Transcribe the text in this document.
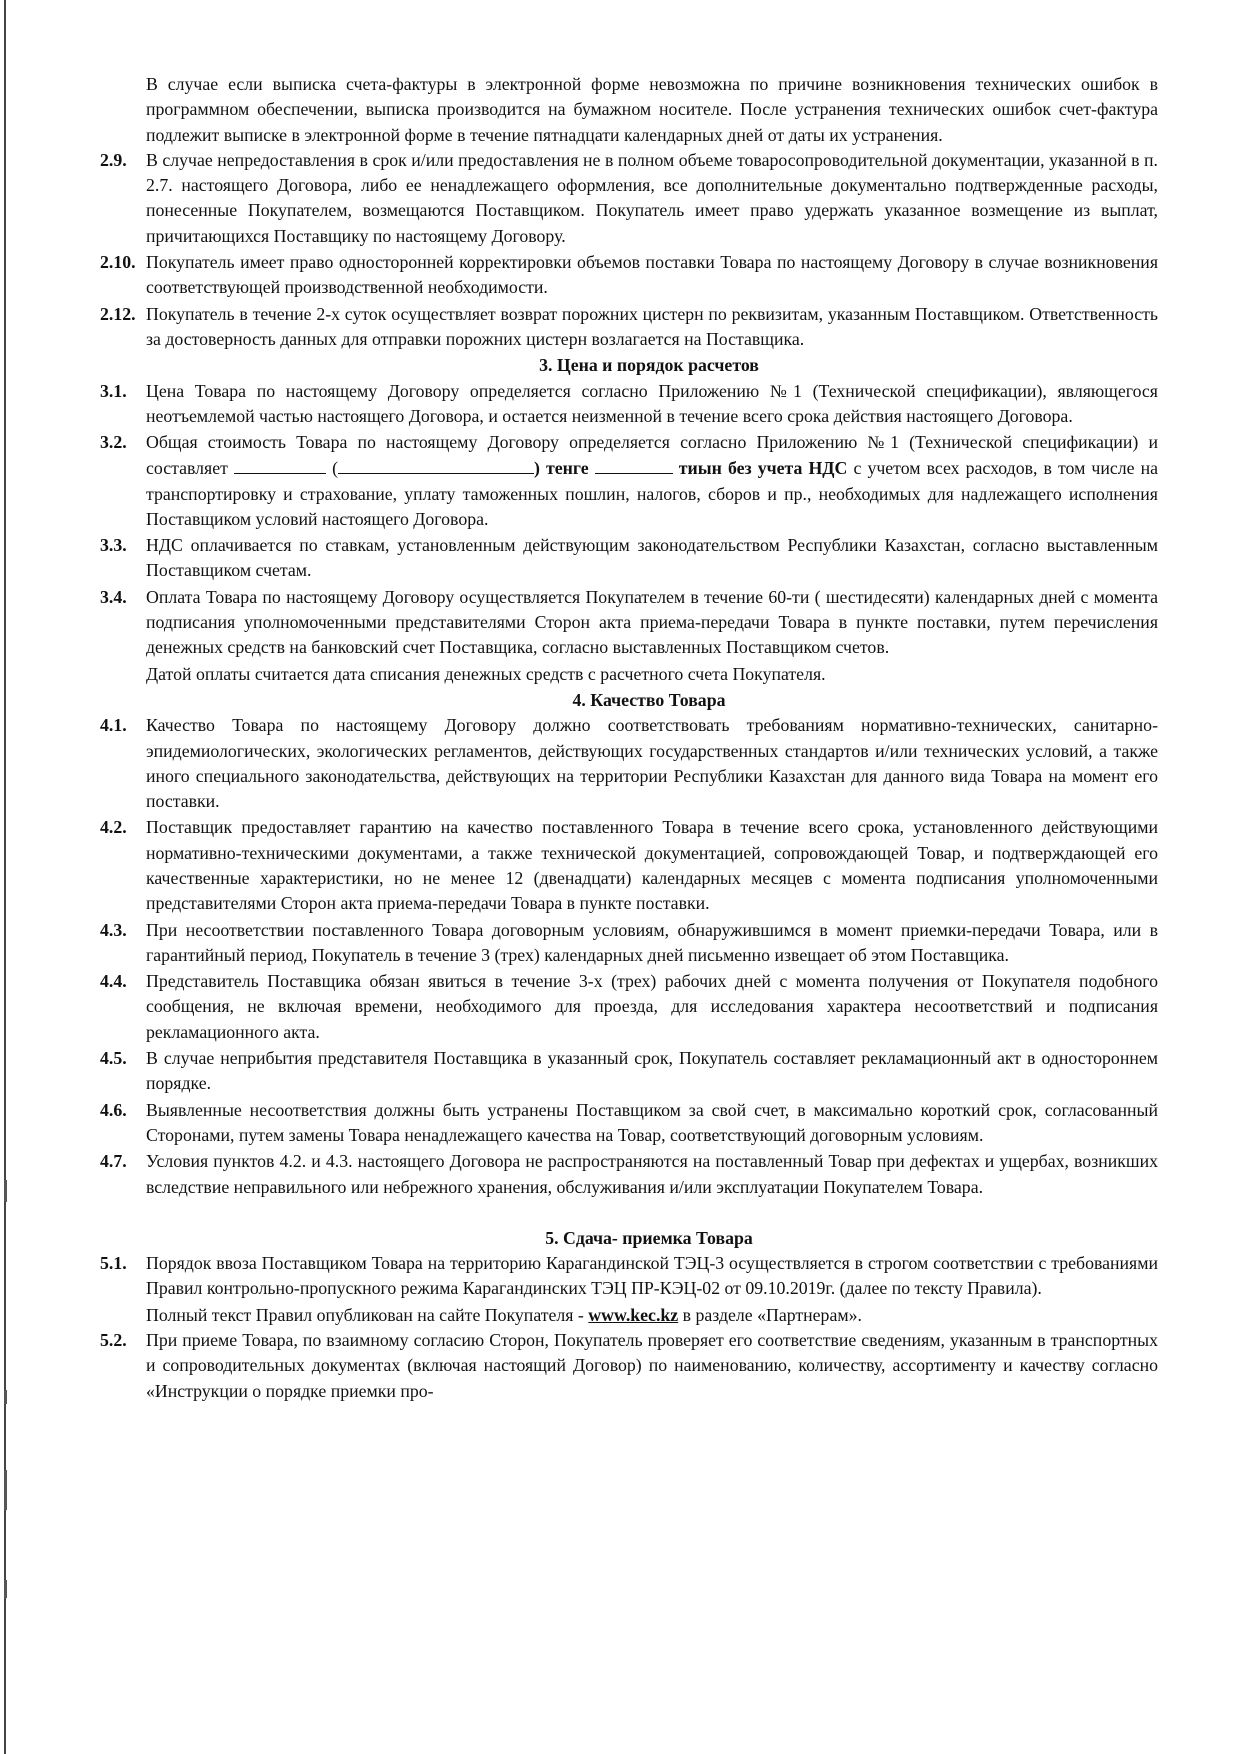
В случае если выписка счета-фактуры в электронной форме невозможна по причине возникновения технических ошибок в программном обеспечении, выписка производится на бумажном носителе. После устранения технических ошибок счет-фактура подлежит выписке в электронной форме в течение пятнадцати календарных дней от даты их устранения.

2.9.	В случае непредоставления в срок и/или предоставления не в полном объеме товаросопроводительной документации, указанной в п. 2.7. настоящего Договора, либо ее ненадлежащего оформления, все дополнительные документально подтвержденные расходы, понесенные Покупателем, возмещаются Поставщиком. Покупатель имеет право удержать указанное возмещение из выплат, причитающихся Поставщику по настоящему Договору.
2.10. Покупатель имеет право односторонней корректировки объемов поставки Товара по настоящему Договору в случае возникновения соответствующей производственной необходимости.
2.12. Покупатель в течение 2-х суток осуществляет возврат порожних цистерн по реквизитам, указанным Поставщиком. Ответственность за достоверность данных для отправки порожних цистерн возлагается на Поставщика.
3. Цена и порядок расчетов
3.1.	Цена Товара по настоящему Договору определяется согласно Приложению №1 (Технической спецификации), являющегося неотъемлемой частью настоящего Договора, и остается неизменной в течение всего срока действия настоящего Договора.
3.2.	Общая стоимость Товара по настоящему Договору определяется согласно Приложению №1 (Технической спецификации) и составляет	(	) тенге	тиын без учета НДС с учетом всех расходов, в том числе на транспортировку и страхование, уплату таможенных пошлин, налогов, сборов и пр., необходимых для надлежащего исполнения Поставщиком условий настоящего Договора.
3.3.	НДС оплачивается по ставкам, установленным действующим законодательством Республики Казахстан, согласно выставленным Поставщиком счетам.
3.4.	Оплата Товара по настоящему Договору осуществляется Покупателем в течение 60-ти ( шестидесяти) календарных дней с момента подписания уполномоченными представителями Сторон акта приема-передачи Товара в пункте поставки, путем перечисления денежных средств на банковский счет Поставщика, согласно выставленных Поставщиком счетов.

Датой оплаты считается дата списания денежных средств с расчетного счета Покупателя.

4. Качество Товара
4.1.	Качество Товара по настоящему Договору должно соответствовать требованиям нормативно-технических, санитарно-эпидемиологических, экологических регламентов, действующих государственных стандартов и/или технических условий, а также иного специального законодательства, действующих на территории Республики Казахстан для данного вида Товара на момент его поставки.
4.2.	Поставщик предоставляет гарантию на качество поставленного Товара в течение всего срока, установленного действующими нормативно-техническими документами, а также технической документацией, сопровождающей Товар, и подтверждающей его качественные характеристики, но не менее 12 (двенадцати) календарных месяцев с момента подписания уполномоченными представителями Сторон акта приема-передачи Товара в пункте поставки.
4.3.	При несоответствии поставленного Товара договорным условиям, обнаружившимся в момент приемки-передачи Товара, или в гарантийный период, Покупатель в течение 3 (трех) календарных дней письменно извещает об этом Поставщика.
4.4.	Представитель Поставщика обязан явиться в течение 3-х (трех) рабочих дней с момента получения от Покупателя подобного сообщения, не включая времени, необходимого для проезда, для исследования характера несоответствий и подписания рекламационного акта.
4.5.	В случае неприбытия представителя Поставщика в указанный срок, Покупатель составляет рекламационный акт в одностороннем порядке.
4.6.	Выявленные несоответствия должны быть устранены Поставщиком за свой счет, в максимально короткий срок, согласованный Сторонами, путем замены Товара ненадлежащего качества на Товар, соответствующий договорным условиям.
4.7.	Условия пунктов 4.2. и 4.3. настоящего Договора не распространяются на поставленный Товар при дефектах и ущербах, возникших вследствие неправильного или небрежного хранения, обслуживания и/или эксплуатации Покупателем Товара.
5. Сдача- приемка Товара
5.1.	Порядок ввоза Поставщиком Товара на территорию Карагандинской ТЭЦ-3 осуществляется в строгом соответствии с требованиями Правил контрольно-пропускного режима Карагандинских ТЭЦ ПР-КЭЦ-02 от 09.10.2019г. (далее по тексту Правила).

Полный текст Правил опубликован на сайте Покупателя - www.kec.kz в разделе «Партнерам».

5.2.	При приеме Товара, по взаимному согласию Сторон, Покупатель проверяет его соответствие сведениям, указанным в транспортных и сопроводительных документах (включая настоящий Договор) по наименованию, количеству, ассортименту и качеству согласно «Инструкции о порядке приемки про-
